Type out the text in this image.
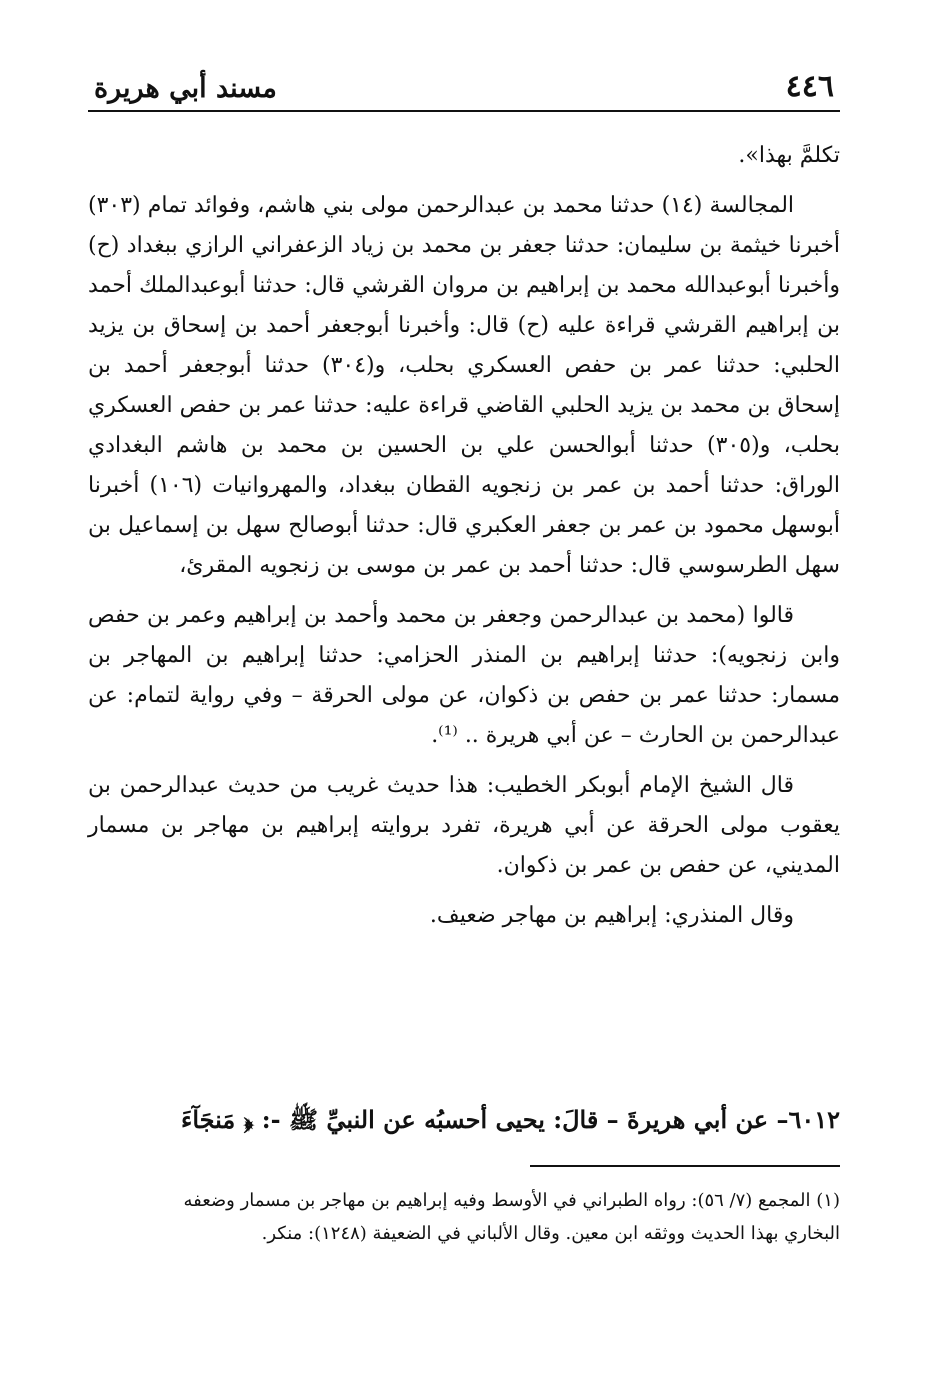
٤٤٦
مسند أبي هريرة

تكلمَّ بهذا».

المجالسة (١٤) حدثنا محمد بن عبدالرحمن مولى بني هاشم، وفوائد تمام (٣٠٣) أخبرنا خيثمة بن سليمان: حدثنا جعفر بن محمد بن زياد الزعفراني الرازي ببغداد (ح) وأخبرنا أبوعبدالله محمد بن إبراهيم بن مروان القرشي قال: حدثنا أبوعبدالملك أحمد بن إبراهيم القرشي قراءة عليه (ح) قال: وأخبرنا أبوجعفر أحمد بن إسحاق بن يزيد الحلبي: حدثنا عمر بن حفص العسكري بحلب، و(٣٠٤) حدثنا أبوجعفر أحمد بن إسحاق بن محمد بن يزيد الحلبي القاضي قراءة عليه: حدثنا عمر بن حفص العسكري بحلب، و(٣٠٥) حدثنا أبوالحسن علي بن الحسين بن محمد بن هاشم البغدادي الوراق: حدثنا أحمد بن عمر بن زنجويه القطان ببغداد، والمهروانيات (١٠٦) أخبرنا أبوسهل محمود بن عمر بن جعفر العكبري قال: حدثنا أبوصالح سهل بن إسماعيل بن سهل الطرسوسي قال: حدثنا أحمد بن عمر بن موسى بن زنجويه المقرئ،

قالوا (محمد بن عبدالرحمن وجعفر بن محمد وأحمد بن إبراهيم وعمر بن حفص وابن زنجويه): حدثنا إبراهيم بن المنذر الحزامي: حدثنا إبراهيم بن المهاجر بن مسمار: حدثنا عمر بن حفص بن ذكوان، عن مولى الحرقة – وفي رواية لتمام: عن عبدالرحمن بن الحارث – عن أبي هريرة .. ⁽¹⁾.

قال الشيخ الإمام أبوبكر الخطيب: هذا حديث غريب من حديث عبدالرحمن بن يعقوب مولى الحرقة عن أبي هريرة، تفرد بروايته إبراهيم بن مهاجر بن مسمار المديني، عن حفص بن عمر بن ذكوان.

وقال المنذري: إبراهيم بن مهاجر ضعيف.

٦٠١٢– عن أبي هريرةَ – قالَ: يحيى أحسبُه عن النبيِّ ﷺ -: ﴿ مَنجَآءَ

(١) المجمع (٧/ ٥٦): رواه الطبراني في الأوسط وفيه إبراهيم بن مهاجر بن مسمار وضعفه

البخاري بهذا الحديث ووثقه ابن معين. وقال الألباني في الضعيفة (١٢٤٨): منكر.
